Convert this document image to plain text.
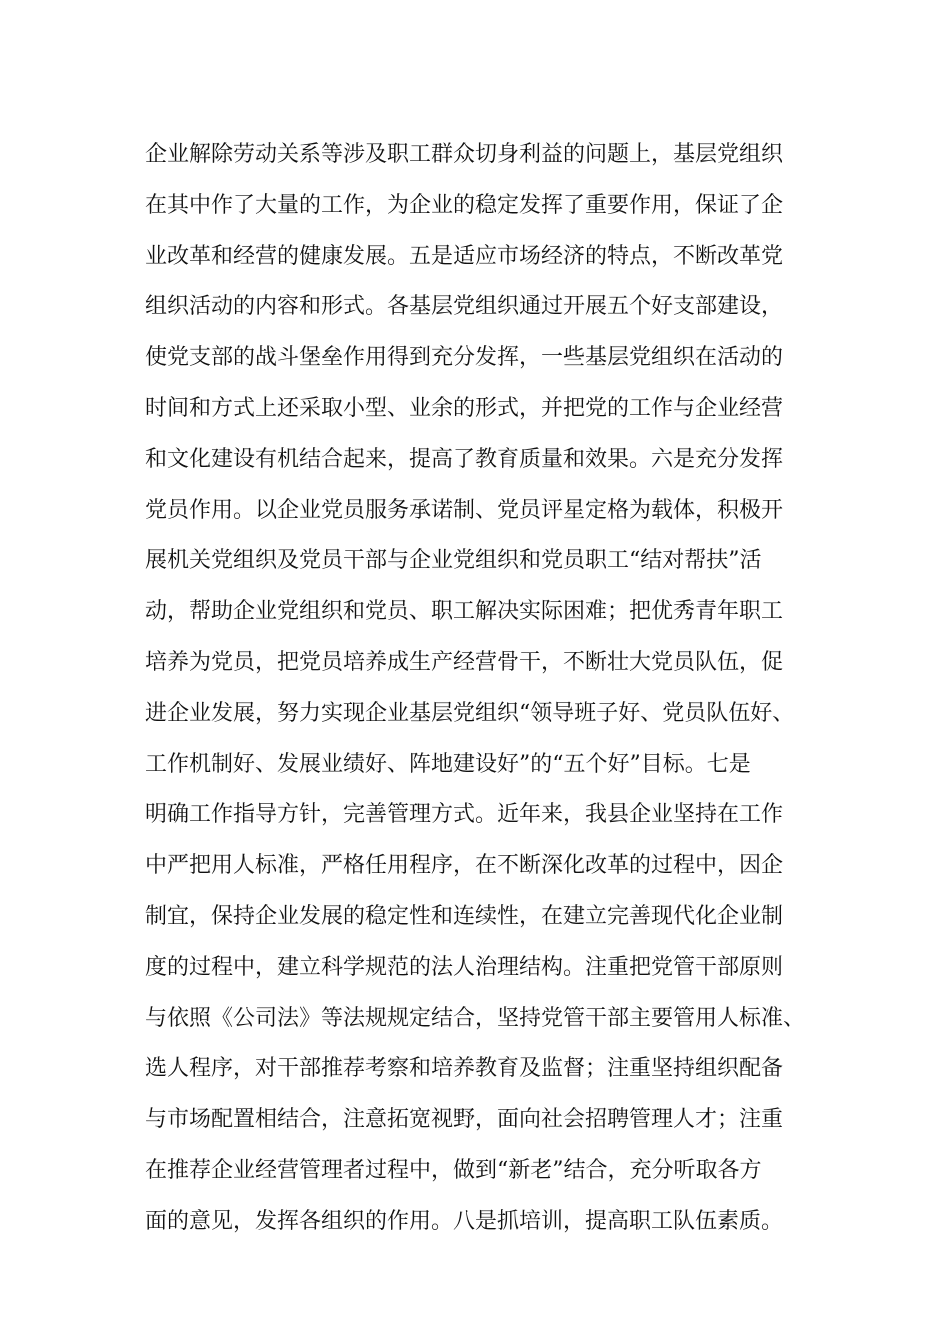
企业解除劳动关系等涉及职工群众切身利益的问题上，基层党组织
在其中作了大量的工作，为企业的稳定发挥了重要作用，保证了企
业改革和经营的健康发展。五是适应市场经济的特点，不断改革党
组织活动的内容和形式。各基层党组织通过开展五个好支部建设，
使党支部的战斗堡垒作用得到充分发挥，一些基层党组织在活动的
时间和方式上还采取小型、业余的形式，并把党的工作与企业经营
和文化建设有机结合起来，提高了教育质量和效果。六是充分发挥
党员作用。以企业党员服务承诺制、党员评星定格为载体，积极开
展机关党组织及党员干部与企业党组织和党员职工“结对帮扶”活
动，帮助企业党组织和党员、职工解决实际困难；把优秀青年职工
培养为党员，把党员培养成生产经营骨干，不断壮大党员队伍，促
进企业发展，努力实现企业基层党组织“领导班子好、党员队伍好、
工作机制好、发展业绩好、阵地建设好”的“五个好”目标。七是
明确工作指导方针，完善管理方式。近年来，我县企业坚持在工作
中严把用人标准，严格任用程序，在不断深化改革的过程中，因企
制宜，保持企业发展的稳定性和连续性，在建立完善现代化企业制
度的过程中，建立科学规范的法人治理结构。注重把党管干部原则
与依照《公司法》等法规规定结合，坚持党管干部主要管用人标准、
选人程序，对干部推荐考察和培养教育及监督；注重坚持组织配备
与市场配置相结合，注意拓宽视野，面向社会招聘管理人才；注重
在推荐企业经营管理者过程中，做到“新老”结合，充分听取各方
面的意见，发挥各组织的作用。八是抓培训，提高职工队伍素质。
